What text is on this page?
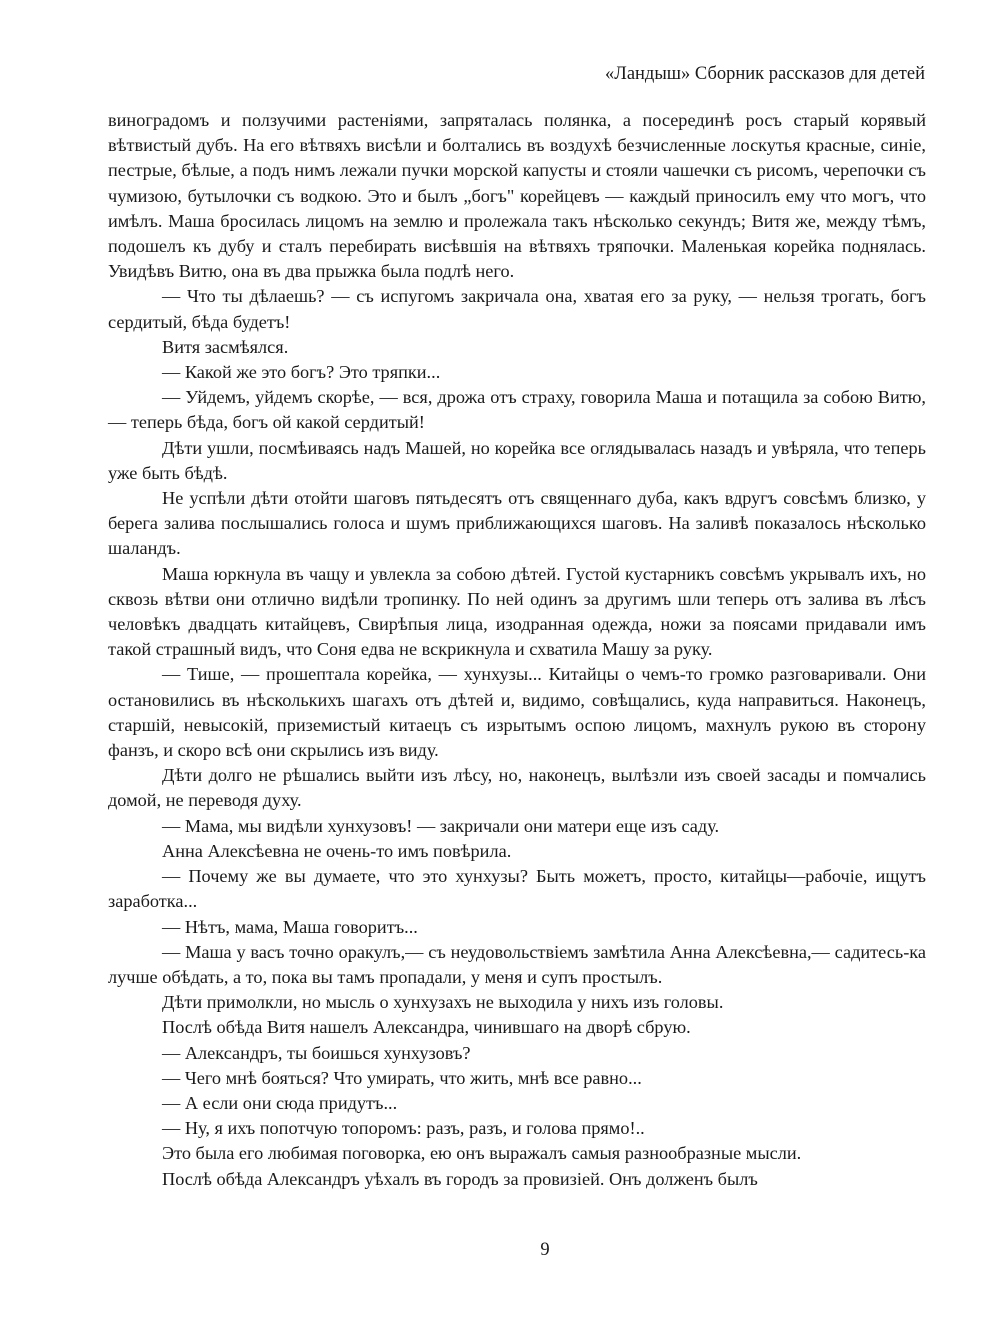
«Ландыш» Сборник рассказов для детей

виноградомъ и ползучими растеніями, запряталась полянка, а посерединѣ росъ старый корявый вѣтвистый дубъ. На его вѣтвяхъ висѣли и болтались въ воздухѣ безчисленные лоскутья красные, синіе, пестрые, бѣлые, а подъ нимъ лежали пучки морской капусты и стояли чашечки съ рисомъ, черепочки съ чумизою, бутылочки съ водкою. Это и былъ „богъ" корейцевъ — каждый приносилъ ему что могъ, что имѣлъ. Маша бросилась лицомъ на землю и пролежала такъ нѣсколько секундъ; Витя же, между тѣмъ, подошелъ къ дубу и сталъ перебирать висѣвшія на вѣтвяхъ тряпочки. Маленькая корейка поднялась. Увидѣвъ Витю, она въ два прыжка была подлѣ него.

— Что ты дѣлаешь? — съ испугомъ закричала она, хватая его за руку, — нельзя трогать, богъ сердитый, бѣда будетъ!

Витя засмѣялся.

— Какой же это богъ? Это тряпки...

— Уйдемъ, уйдемъ скорѣе, — вся, дрожа отъ страху, говорила Маша и потащила за собою Витю, — теперь бѣда, богъ ой какой сердитый!

Дѣти ушли, посмѣиваясь надъ Машей, но корейка все оглядывалась назадъ и увѣряла, что теперь уже быть бѣдѣ.

Не успѣли дѣти отойти шаговъ пятьдесятъ отъ священнаго дуба, какъ вдругъ совсѣмъ близко, у берега залива послышались голоса и шумъ приближающихся шаговъ. На заливѣ показалось нѣсколько шаландъ.

Маша юркнула въ чащу и увлекла за собою дѣтей. Густой кустарникъ совсѣмъ укрывалъ ихъ, но сквозь вѣтви они отлично видѣли тропинку. По ней одинъ за другимъ шли теперь отъ залива въ лѣсъ человѣкъ двадцать китайцевъ, Свирѣпыя лица, изодранная одежда, ножи за поясами придавали имъ такой страшный видъ, что Соня едва не вскрикнула и схватила Машу за руку.

— Тише, — прошептала корейка, — хунхузы... Китайцы о чемъ-то громко разговаривали. Они остановились въ нѣсколькихъ шагахъ отъ дѣтей и, видимо, совѣщались, куда направиться. Наконецъ, старшій, невысокій, приземистый китаецъ съ изрытымъ оспою лицомъ, махнулъ рукою въ сторону фанзъ, и скоро всѣ они скрылись изъ виду.

Дѣти долго не рѣшались выйти изъ лѣсу, но, наконецъ, вылѣзли изъ своей засады и помчались домой, не переводя духу.

— Мама, мы видѣли хунхузовъ! — закричали они матери еще изъ саду.

Анна Алексѣевна не очень-то имъ повѣрила.

— Почему же вы думаете, что это хунхузы? Быть можетъ, просто, китайцы—рабочіе, ищутъ заработка...

— Нѣтъ, мама, Маша говоритъ...

— Маша у васъ точно оракулъ,— съ неудовольствіемъ замѣтила Анна Алексѣевна,— садитесь-ка лучше обѣдать, а то, пока вы тамъ пропадали, у меня и супъ простылъ.

Дѣти примолкли, но мысль о хунхузахъ не выходила у нихъ изъ головы.

Послѣ обѣда Витя нашелъ Александра, чинившаго на дворѣ сбрую.

— Александръ, ты боишься хунхузовъ?

— Чего мнѣ бояться? Что умирать, что жить, мнѣ все равно...

— А если они сюда придутъ...

— Ну, я ихъ попотчую топоромъ: разъ, разъ, и голова прямо!..

Это была его любимая поговорка, ею онъ выражалъ самыя разнообразные мысли.

Послѣ обѣда Александръ уѣхалъ въ городъ за провизіей. Онъ долженъ былъ

9
